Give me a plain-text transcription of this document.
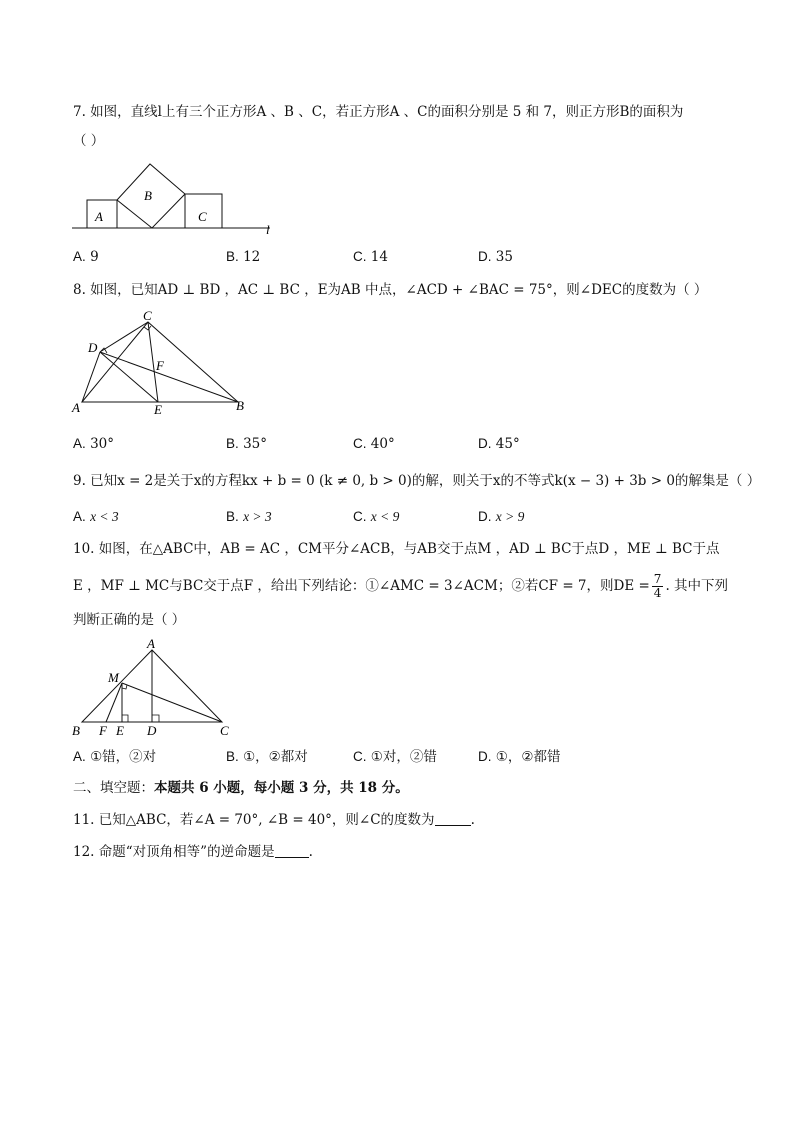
7. 如图，直线l上有三个正方形A 、B 、C，若正方形A 、C的面积分别是 5 和 7，则正方形B的面积为
（ ）
A
B
C
l
A. 9	B. 12	C. 14	D. 35
8. 如图，已知AD ⊥ BD ，AC ⊥ BC ，E为AB 中点，∠ACD + ∠BAC = 75°，则∠DEC的度数为（ ）
A	B
C
D
E
F
A. 30°	B. 35°	C. 40°	D. 45°
9. 已知x = 2是关于x的方程kx + b = 0 (k ≠ 0, b > 0)的解，则关于x的不等式k(x − 3) + 3b > 0的解集是（ ）
A. x < 3	B. x > 3	C. x < 9	D. x > 9
10. 如图，在△ABC中，AB = AC ，CM平分∠ACB，与AB交于点M ，AD ⊥ BC于点D ，ME ⊥ BC于点
E ，MF ⊥ MC与BC交于点F ，给出下列结论：①∠AMC = 3∠ACM；②若CF = 7，则DE = $\frac{7}{4}$ . 其中下列
判断正确的是（ ）
A
B	C
D
E
F
M
A. ①错，②对	B. ①，②都对	C. ①对，②错	D. ①，②都错
二、填空题：本题共 6 小题，每小题 3 分，共 18 分。
11. 已知△ABC，若∠A = 70°, ∠B = 40°，则∠C的度数为	.
12. 命题“对顶角相等”的逆命题是	.
